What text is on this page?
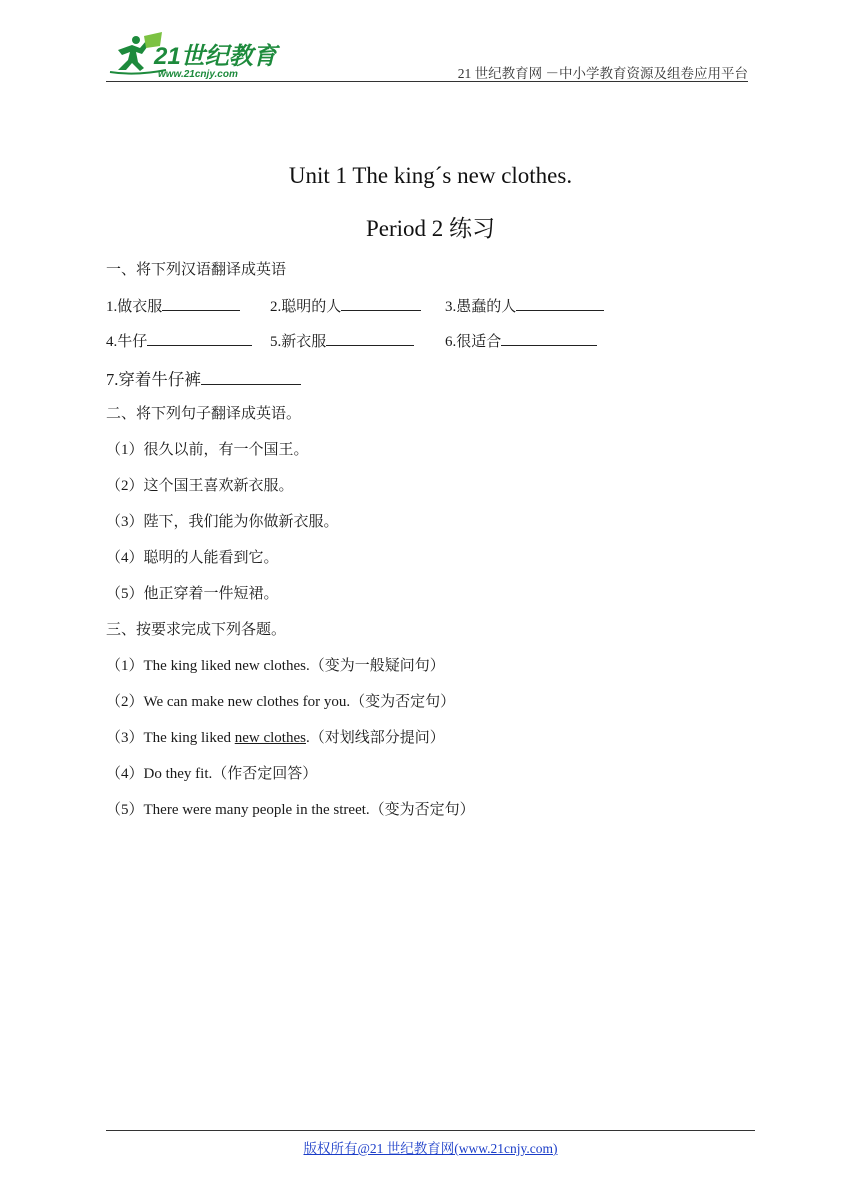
21世纪教育
www.21cnjy.com	21 世纪教育网 －中小学教育资源及组卷应用平台
Unit 1 The king´s new clothes.
Period 2 练习
一、将下列汉语翻译成英语
1.做衣服	2.聪明的人	3.愚蠢的人
4.牛仔	5.新衣服	6.很适合
7.穿着牛仔裤
二、将下列句子翻译成英语。
（1）很久以前，有一个国王。
（2）这个国王喜欢新衣服。
（3）陛下，我们能为你做新衣服。
（4）聪明的人能看到它。
（5）他正穿着一件短裙。
三、按要求完成下列各题。
（1）The king liked new clothes.（变为一般疑问句）
（2）We can make new clothes for you.（变为否定句）
（3）The king liked new clothes.（对划线部分提问）
（4）Do they fit.（作否定回答）
（5）There were many people in the street.（变为否定句）
版权所有@21 世纪教育网(www.21cnjy.com)
